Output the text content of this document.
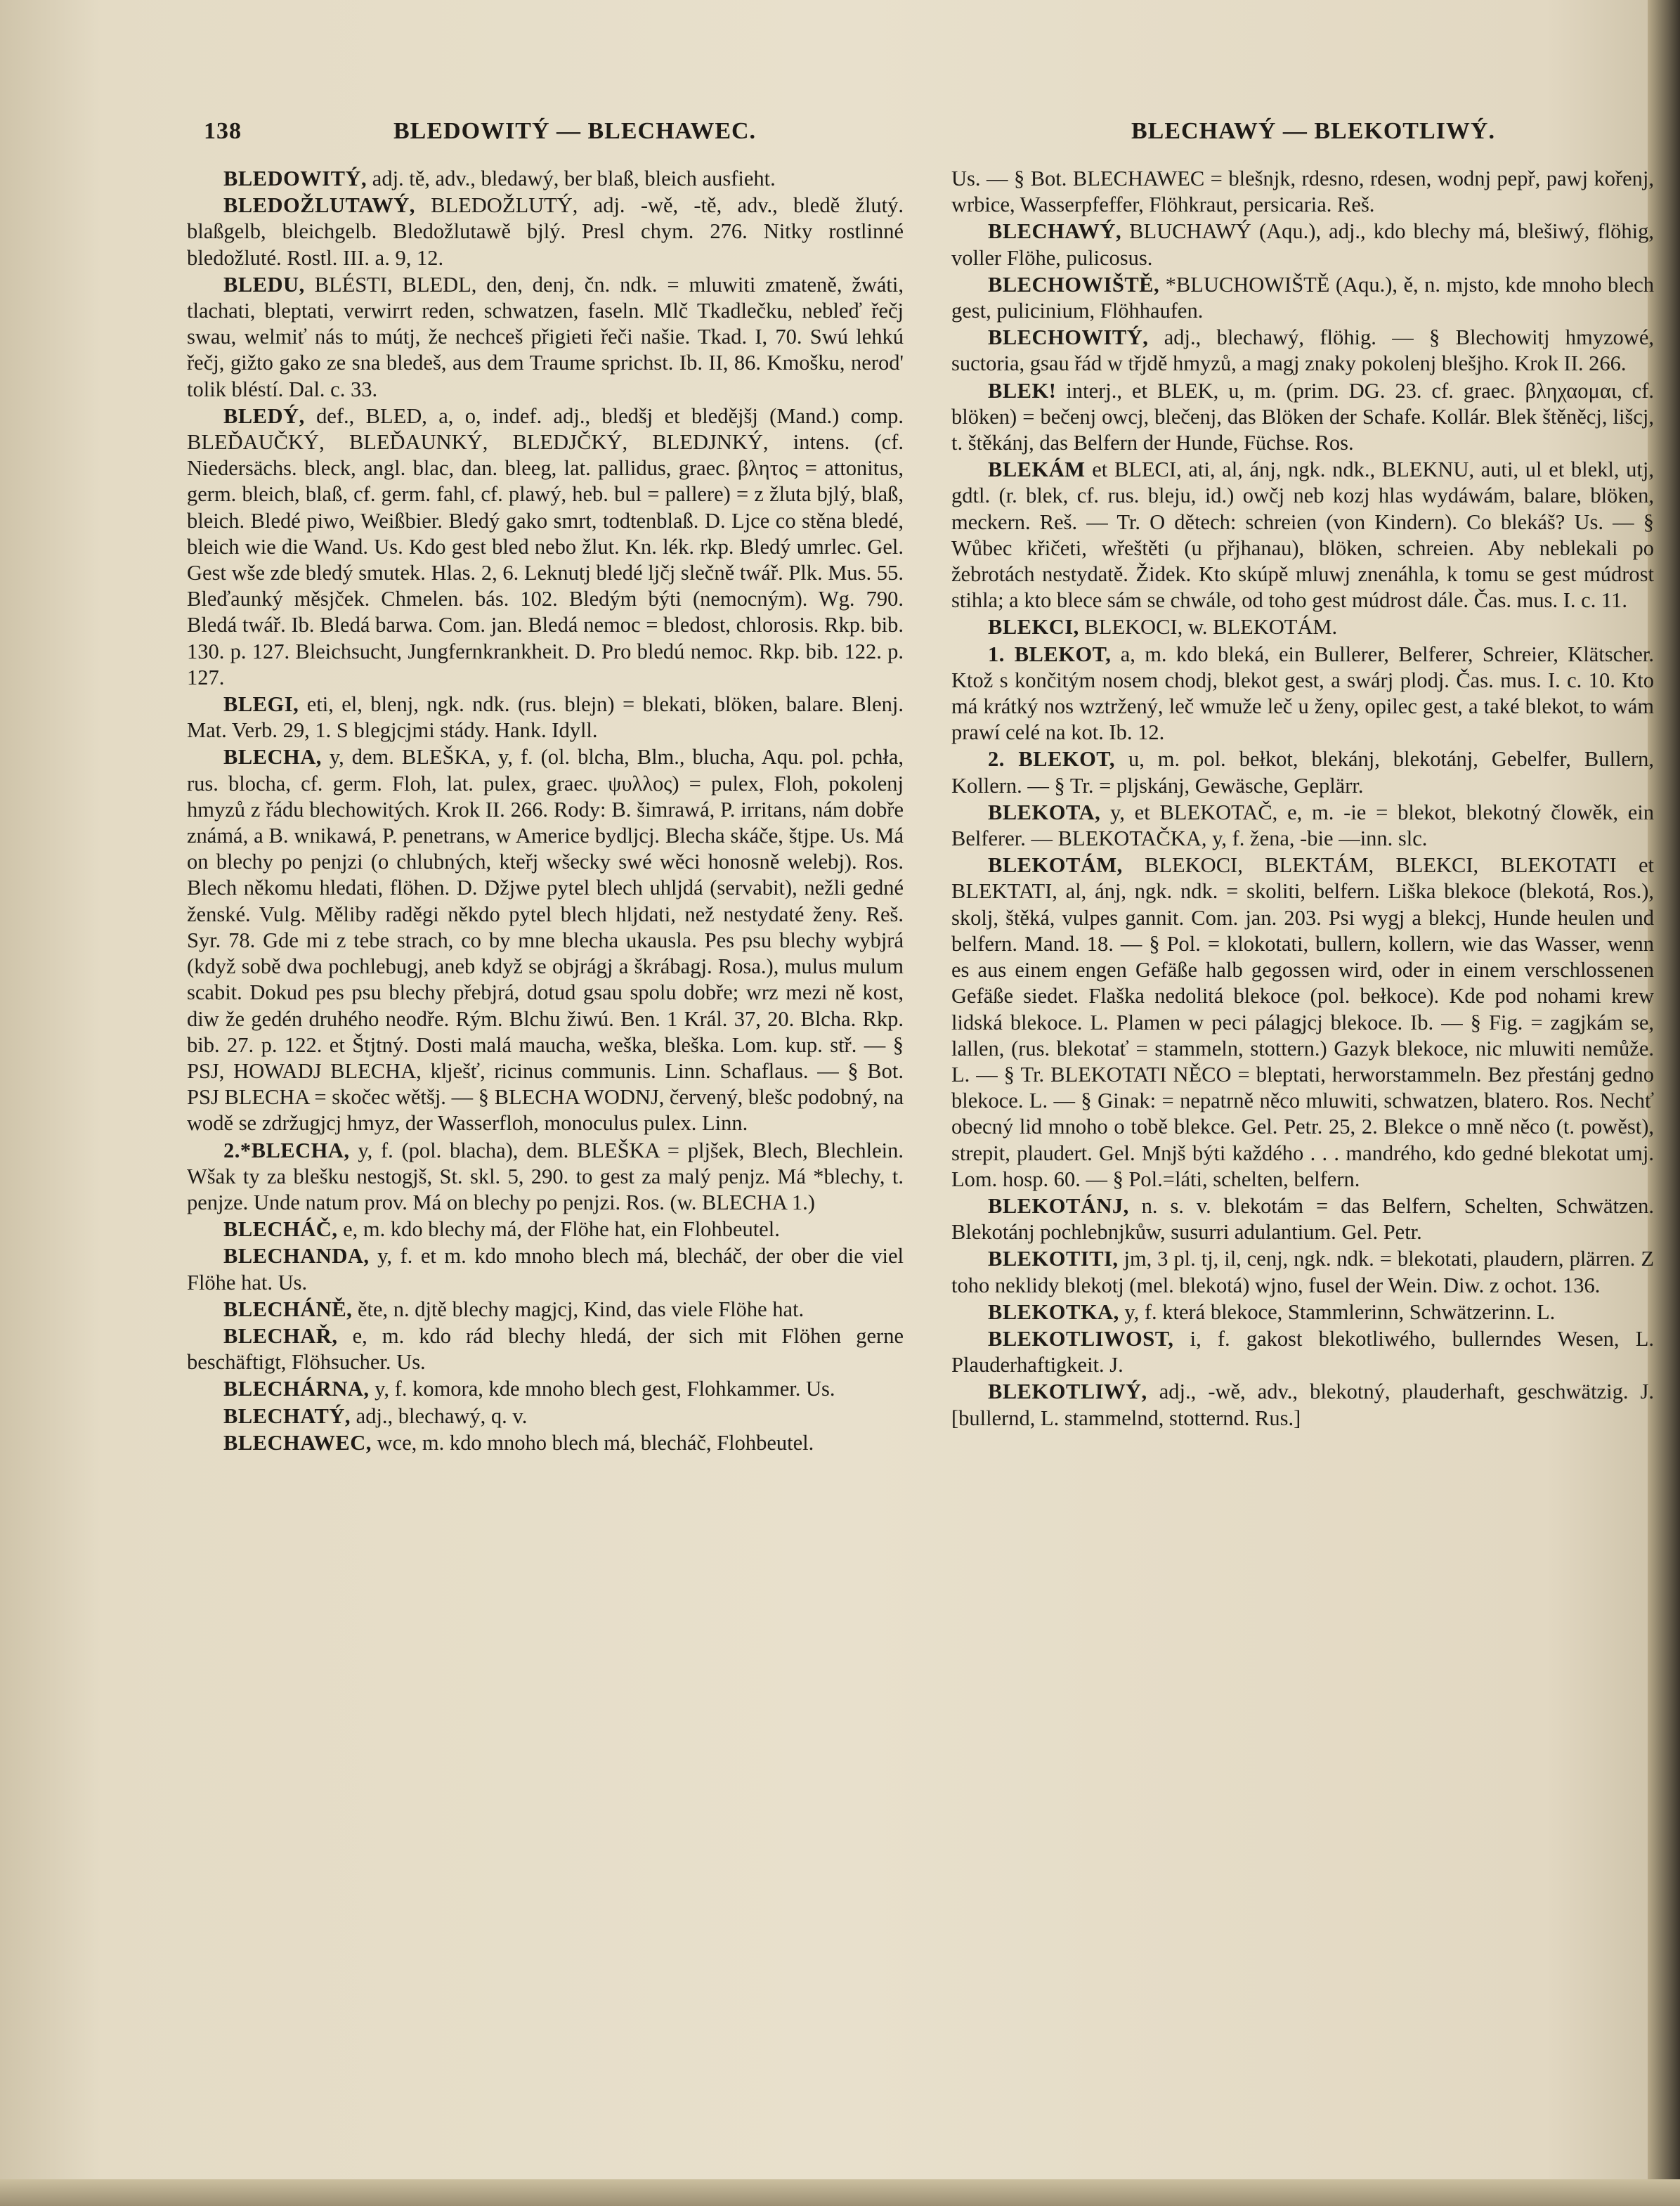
138	BLEDOWITÝ — BLECHAWEC.	BLECHAWÝ — BLEKOTLIWÝ.

BLEDOWITÝ, adj. tě, adv., bledawý, ber blaß, bleich ausfieht.

BLEDOŽLUTAWÝ, BLEDOŽLUTÝ, adj. -wě, -tě, adv., bledě žlutý. blaßgelb, bleichgelb. Bledožlutawě bjlý. Presl chym. 276. Nitky rostlinné bledožluté. Rostl. III. a. 9, 12.

BLEDU, BLÉSTI, BLEDL, den, denj, čn. ndk. = mluwiti zmateně, žwáti, tlachati, bleptati, verwirrt reden, schwatzen, faseln. Mlč Tkadlečku, nebleď řečj swau, welmiť nás to mútj, že nechceš přigieti řeči našie. Tkad. I, 70. Swú lehkú řečj, gižto gako ze sna bledeš, aus dem Traume sprichst. Ib. II, 86. Kmošku, nerod' tolik bléstí. Dal. c. 33.

BLEDÝ, def., BLED, a, o, indef. adj., bledšj et bledějšj (Mand.) comp. BLEĎAUČKÝ, BLEĎAUNKÝ, BLEDJČKÝ, BLEDJNKÝ, intens. (cf. Niedersächs. bleck, angl. blac, dan. bleeg, lat. pallidus, graec. βλητος = attonitus, germ. bleich, blaß, cf. germ. fahl, cf. plawý, heb. bul = pallere) = z žluta bjlý, blaß, bleich. Bledé piwo, Weißbier. Bledý gako smrt, todtenblaß. D. Ljce co stěna bledé, bleich wie die Wand. Us. Kdo gest bled nebo žlut. Kn. lék. rkp. Bledý umrlec. Gel. Gest wše zde bledý smutek. Hlas. 2, 6. Leknutj bledé ljčj slečně twář. Plk. Mus. 55. Bleďaunký měsjček. Chmelen. bás. 102. Bledým býti (nemocným). Wg. 790. Bledá twář. Ib. Bledá barwa. Com. jan. Bledá nemoc = bledost, chlorosis. Rkp. bib. 130. p. 127. Bleichsucht, Jungfernkrankheit. D. Pro bledú nemoc. Rkp. bib. 122. p. 127.

BLEGI, eti, el, blenj, ngk. ndk. (rus. blejn) = blekati, blöken, balare. Blenj. Mat. Verb. 29, 1. S blegjcjmi stády. Hank. Idyll.

BLECHA, y, dem. BLEŠKA, y, f. (ol. blcha, Blm., blucha, Aqu. pol. pchła, rus. blocha, cf. germ. Floh, lat. pulex, graec. ψυλλος) = pulex, Floh, pokolenj hmyzů z řádu blechowitých. Krok II. 266. Rody: B. šimrawá, P. irritans, nám dobře známá, a B. wnikawá, P. penetrans, w Americe bydljcj. Blecha skáče, štjpe. Us. Má on blechy po penjzi (o chlubných, kteřj wšecky swé wěci honosně welebj). Ros. Blech někomu hledati, flöhen. D. Džjwe pytel blech uhljdá (servabit), nežli gedné ženské. Vulg. Měliby raděgi někdo pytel blech hljdati, než nestydaté ženy. Reš. Syr. 78. Gde mi z tebe strach, co by mne blecha ukausla. Pes psu blechy wybjrá (když sobě dwa pochlebugj, aneb když se objrágj a škrábagj. Rosa.), mulus mulum scabit. Dokud pes psu blechy přebjrá, dotud gsau spolu dobře; wrz mezi ně kost, diw že gedén druhého neodře. Rým. Blchu žiwú. Ben. 1 Král. 37, 20. Blcha. Rkp. bib. 27. p. 122. et Štjtný. Dosti malá maucha, weška, bleška. Lom. kup. stř. — § PSJ, HOWADJ BLECHA, klješť, ricinus communis. Linn. Schaflaus. — § Bot. PSJ BLECHA = skočec wětšj. — § BLECHA WODNJ, červený, blešc podobný, na wodě se zdržugjcj hmyz, der Wasserfloh, monoculus pulex. Linn.

2.*BLECHA, y, f. (pol. blacha), dem. BLEŠKA = pljšek, Blech, Blechlein. Wšak ty za blešku nestogjš, St. skl. 5, 290. to gest za malý penjz. Má *blechy, t. penjze. Unde natum prov. Má on blechy po penjzi. Ros. (w. BLECHA 1.)

BLECHÁČ, e, m. kdo blechy má, der Flöhe hat, ein Flohbeutel.

BLECHANDA, y, f. et m. kdo mnoho blech má, blecháč, der ober die viel Flöhe hat. Us.

BLECHÁNĚ, ěte, n. djtě blechy magjcj, Kind, das viele Flöhe hat.

BLECHAŘ, e, m. kdo rád blechy hledá, der sich mit Flöhen gerne beschäftigt, Flöhsucher. Us.

BLECHÁRNA, y, f. komora, kde mnoho blech gest, Flohkammer. Us.

BLECHATÝ, adj., blechawý, q. v.

BLECHAWEC, wce, m. kdo mnoho blech má, blecháč, Flohbeutel.

Us. — § Bot. BLECHAWEC = blešnjk, rdesno, rdesen, wodnj pepř, pawj kořenj, wrbice, Wasserpfeffer, Flöhkraut, persicaria. Reš.

BLECHAWÝ, BLUCHAWÝ (Aqu.), adj., kdo blechy má, blešiwý, flöhig, voller Flöhe, pulicosus.

BLECHOWIŠTĚ, *BLUCHOWIŠTĚ (Aqu.), ě, n. mjsto, kde mnoho blech gest, pulicinium, Flöhhaufen.

BLECHOWITÝ, adj., blechawý, flöhig. — § Blechowitj hmyzowé, suctoria, gsau řád w třjdě hmyzů, a magj znaky pokolenj blešjho. Krok II. 266.

BLEK! interj., et BLEK, u, m. (prim. DG. 23. cf. graec. βληχαομαι, cf. blöken) = bečenj owcj, blečenj, das Blöken der Schafe. Kollár. Blek štěněcj, lišcj, t. štěkánj, das Belfern der Hunde, Füchse. Ros.

BLEKÁM et BLECI, ati, al, ánj, ngk. ndk., BLEKNU, auti, ul et blekl, utj, gdtl. (r. blek, cf. rus. bleju, id.) owčj neb kozj hlas wydáwám, balare, blöken, meckern. Reš. — Tr. O dětech: schreien (von Kindern). Co blekáš? Us. — § Wůbec křičeti, wřeštěti (u přjhanau), blöken, schreien. Aby neblekali po žebrotách nestydatě. Židek. Kto skúpě mluwj znenáhla, k tomu se gest múdrost stihla; a kto blece sám se chwále, od toho gest múdrost dále. Čas. mus. I. c. 11.

BLEKCI, BLEKOCI, w. BLEKOTÁM.

1. BLEKOT, a, m. kdo bleká, ein Bullerer, Belferer, Schreier, Klätscher. Ktož s končitým nosem chodj, blekot gest, a swárj plodj. Čas. mus. I. c. 10. Kto má krátký nos wztržený, leč wmuže leč u ženy, opilec gest, a také blekot, to wám prawí celé na kot. Ib. 12.

2. BLEKOT, u, m. pol. bełkot, blekánj, blekotánj, Gebelfer, Bullern, Kollern. — § Tr. = pljskánj, Gewäsche, Geplärr.

BLEKOTA, y, et BLEKOTAČ, e, m. -ie = blekot, blekotný člowěk, ein Belferer. — BLEKOTAČKA, y, f. žena, -bie —inn. slc.

BLEKOTÁM, BLEKOCI, BLEKTÁM, BLEKCI, BLEKOTATI et BLEKTATI, al, ánj, ngk. ndk. = skoliti, belfern. Liška blekoce (blekotá, Ros.), skolj, štěká, vulpes gannit. Com. jan. 203. Psi wygj a blekcj, Hunde heulen und belfern. Mand. 18. — § Pol. = klokotati, bullern, kollern, wie das Wasser, wenn es aus einem engen Gefäße halb gegossen wird, oder in einem verschlossenen Gefäße siedet. Flaška nedolitá blekoce (pol. bełkoce). Kde pod nohami krew lidská blekoce. L. Plamen w peci pálagjcj blekoce. Ib. — § Fig. = zagjkám se, lallen, (rus. blekotať = stammeln, stottern.) Gazyk blekoce, nic mluwiti nemůže. L. — § Tr. BLEKOTATI NĚCO = bleptati, herworstammeln. Bez přestánj gedno blekoce. L. — § Ginak: = nepatrně něco mluwiti, schwatzen, blatero. Ros. Nechť obecný lid mnoho o tobě blekce. Gel. Petr. 25, 2. Blekce o mně něco (t. powěst), strepit, plaudert. Gel. Mnjš býti každého . . . mandrého, kdo gedné blekotat umj. Lom. hosp. 60. — § Pol.=láti, schelten, belfern.

BLEKOTÁNJ, n. s. v. blekotám = das Belfern, Schelten, Schwätzen. Blekotánj pochlebnjkůw, susurri adulantium. Gel. Petr.

BLEKOTITI, jm, 3 pl. tj, il, cenj, ngk. ndk. = blekotati, plaudern, plärren. Z toho neklidy blekotj (mel. blekotá) wjno, fusel der Wein. Diw. z ochot. 136.

BLEKOTKA, y, f. která blekoce, Stammlerinn, Schwätzerinn. L.

BLEKOTLIWOST, i, f. gakost blekotliwého, bullerndes Wesen, L. Plauderhaftigkeit. J.

BLEKOTLIWÝ, adj., -wě, adv., blekotný, plauderhaft, geschwätzig. J. [bullernd, L. stammelnd, stotternd. Rus.]
